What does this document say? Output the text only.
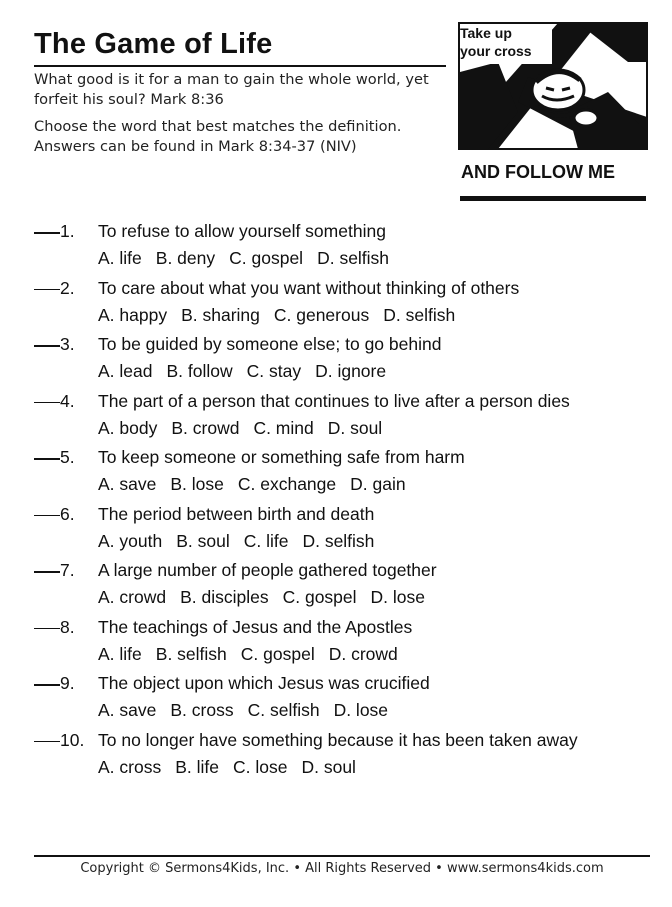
The Game of Life
What good is it for a man to gain the whole world, yet forfeit his soul? Mark 8:36
Choose the word that best matches the definition. Answers can be found in Mark 8:34-37 (NIV)
Take up
your cross
AND FOLLOW ME
1.	To refuse to allow yourself something
A. life B. deny C. gospel D. selfish
2.	To care about what you want without thinking of others
A. happy B. sharing C. generous D. selfish
3.	To be guided by someone else; to go behind
A. lead B. follow C. stay D. ignore
4.	The part of a person that continues to live after a person dies
A. body B. crowd C. mind D. soul
5.	To keep someone or something safe from harm
A. save B. lose C. exchange D. gain
6.	The period between birth and death
A. youth B. soul C. life D. selfish
7.	A large number of people gathered together
A. crowd B. disciples C. gospel D. lose
8.	The teachings of Jesus and the Apostles
A. life B. selfish C. gospel D. crowd
9.	The object upon which Jesus was crucified
A. save B. cross C. selfish D. lose
10. To no longer have something because it has been taken away
A. cross B. life C. lose D. soul
Copyright © Sermons4Kids, Inc. • All Rights Reserved • www.sermons4kids.com
